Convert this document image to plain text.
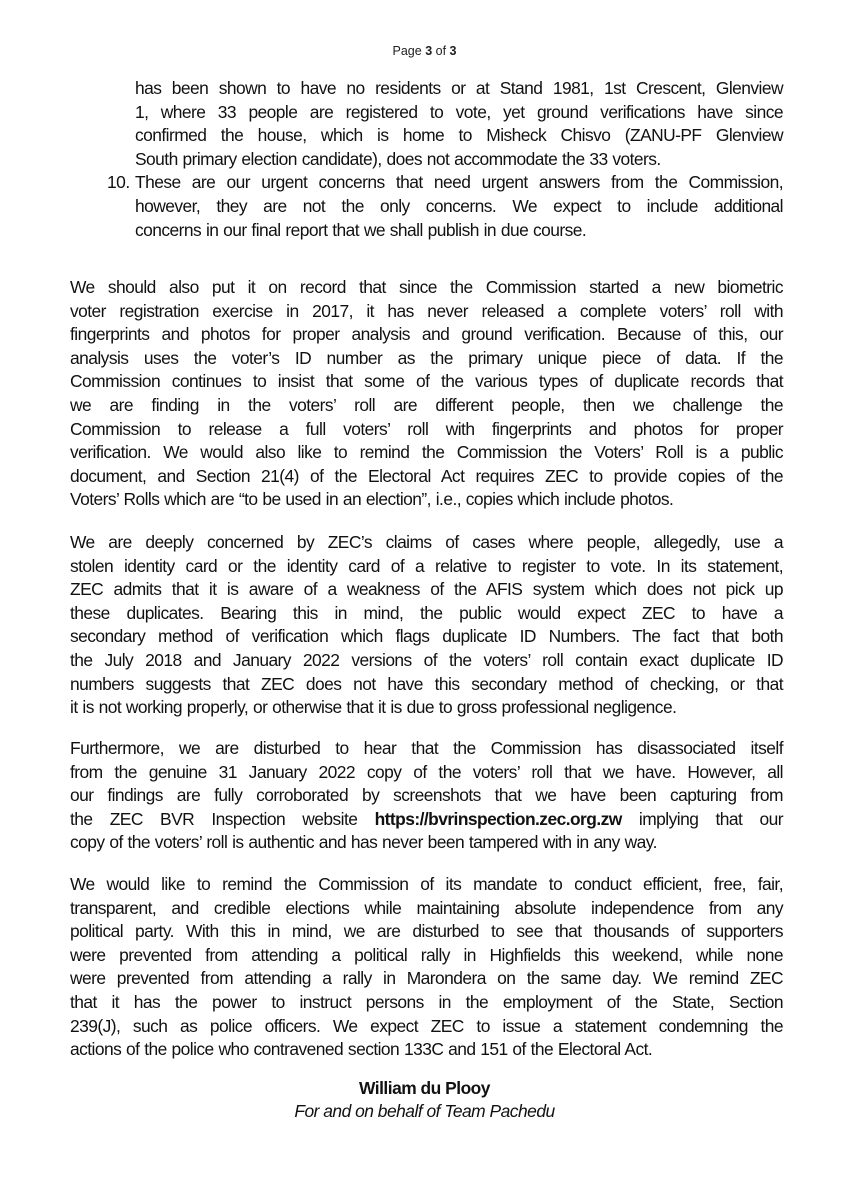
Page 3 of 3
has been shown to have no residents or at Stand 1981, 1st Crescent, Glenview
1, where 33 people are registered to vote, yet ground verifications have since
confirmed the house, which is home to Misheck Chisvo (ZANU-PF Glenview
South primary election candidate), does not accommodate the 33 voters.
10. These are our urgent concerns that need urgent answers from the Commission,
however, they are not the only concerns. We expect to include additional
concerns in our final report that we shall publish in due course.
We should also put it on record that since the Commission started a new biometric
voter registration exercise in 2017, it has never released a complete voters’ roll with
fingerprints and photos for proper analysis and ground verification. Because of this, our
analysis uses the voter’s ID number as the primary unique piece of data. If the
Commission continues to insist that some of the various types of duplicate records that
we are finding in the voters’ roll are different people, then we challenge the
Commission to release a full voters’ roll with fingerprints and photos for proper
verification. We would also like to remind the Commission the Voters’ Roll is a public
document, and Section 21(4) of the Electoral Act requires ZEC to provide copies of the
Voters’ Rolls which are “to be used in an election”, i.e., copies which include photos.
We are deeply concerned by ZEC’s claims of cases where people, allegedly, use a
stolen identity card or the identity card of a relative to register to vote. In its statement,
ZEC admits that it is aware of a weakness of the AFIS system which does not pick up
these duplicates. Bearing this in mind, the public would expect ZEC to have a
secondary method of verification which flags duplicate ID Numbers. The fact that both
the July 2018 and January 2022 versions of the voters’ roll contain exact duplicate ID
numbers suggests that ZEC does not have this secondary method of checking, or that
it is not working properly, or otherwise that it is due to gross professional negligence.
Furthermore, we are disturbed to hear that the Commission has disassociated itself
from the genuine 31 January 2022 copy of the voters’ roll that we have. However, all
our findings are fully corroborated by screenshots that we have been capturing from
the ZEC BVR Inspection website https://bvrinspection.zec.org.zw implying that our
copy of the voters’ roll is authentic and has never been tampered with in any way.
We would like to remind the Commission of its mandate to conduct efficient, free, fair,
transparent, and credible elections while maintaining absolute independence from any
political party. With this in mind, we are disturbed to see that thousands of supporters
were prevented from attending a political rally in Highfields this weekend, while none
were prevented from attending a rally in Marondera on the same day. We remind ZEC
that it has the power to instruct persons in the employment of the State, Section
239(J), such as police officers. We expect ZEC to issue a statement condemning the
actions of the police who contravened section 133C and 151 of the Electoral Act.
William du Plooy
For and on behalf of Team Pachedu
